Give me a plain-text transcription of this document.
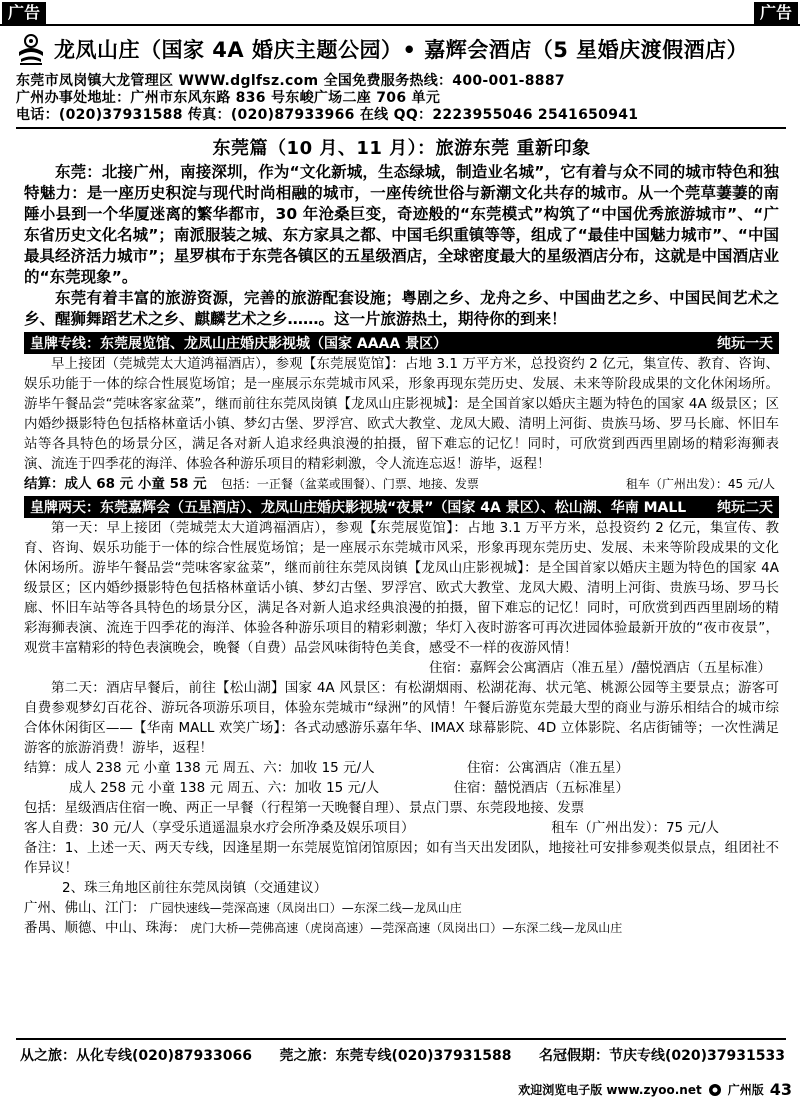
广告	广告
龙凤山庄（国家 4A 婚庆主题公园）• 嘉辉会酒店（5 星婚庆渡假酒店）
东莞市凤岗镇大龙管理区 WWW.dglfsz.com 全国免费服务热线：400-001-8887
广州办事处地址：广州市东风东路 836 号东峻广场二座 706 单元
电话：(020)37931588 传真：(020)87933966 在线 QQ：2223955046 2541650941
东莞篇（10 月、11 月）：旅游东莞 重新印象

东莞：北接广州，南接深圳，作为“文化新城，生态绿城，制造业名城”，它有着与众不同的城市特色和独特魅力：是一座历史积淀与现代时尚相融的城市，一座传统世俗与新潮文化共存的城市。从一个莞草萋萋的南陲小县到一个华厦迷离的繁华都市，30 年沧桑巨变，奇迹般的“东莞模式”构筑了“中国优秀旅游城市”、“广东省历史文化名城”；南派服装之城、东方家具之都、中国毛织重镇等等，组成了“最佳中国魅力城市”、“中国最具经济活力城市”；星罗棋布于东莞各镇区的五星级酒店，全球密度最大的星级酒店分布，这就是中国酒店业的“东莞现象”。

东莞有着丰富的旅游资源，完善的旅游配套设施；粤剧之乡、龙舟之乡、中国曲艺之乡、中国民间艺术之乡、醒狮舞蹈艺术之乡、麒麟艺术之乡……。这一片旅游热土，期待你的到来！

皇牌专线：东莞展览馆、龙凤山庄婚庆影视城（国家 AAAA 景区）	纯玩一天

早上接团（莞城莞太大道鸿福酒店），参观【东莞展览馆】：占地 3.1 万平方米，总投资约 2 亿元，集宣传、教育、咨询、娱乐功能于一体的综合性展览场馆；是一座展示东莞城市风采，形象再现东莞历史、发展、未来等阶段成果的文化休闲场所。游毕午餐品尝“莞味客家盆菜”，继而前往东莞凤岗镇【龙凤山庄影视城】：是全国首家以婚庆主题为特色的国家 4A 级景区；区内婚纱摄影特色包括格林童话小镇、梦幻古堡、罗浮宫、欧式大教堂、龙凤大殿、清明上河街、贵族马场、罗马长廊、怀旧车站等各具特色的场景分区，满足各对新人追求经典浪漫的拍摄，留下难忘的记忆！同时，可欣赏到西西里剧场的精彩海狮表演、流连于四季花的海洋、体验各种游乐项目的精彩刺激，令人流连忘返！游毕，返程！

结算：成人 68 元 小童 58 元 包括：一正餐（盆菜或围餐）、门票、地接、发票	租车（广州出发）：45 元/人
皇牌两天：东莞嘉辉会（五星酒店）、龙凤山庄婚庆影视城“夜景”（国家 4A 景区）、松山湖、华南 MALL 纯玩二天

第一天：早上接团（莞城莞太大道鸿福酒店），参观【东莞展览馆】：占地 3.1 万平方米，总投资约 2 亿元，集宣传、教育、咨询、娱乐功能于一体的综合性展览场馆；是一座展示东莞城市风采，形象再现东莞历史、发展、未来等阶段成果的文化休闲场所。游毕午餐品尝“莞味客家盆菜”，继而前往东莞凤岗镇【龙凤山庄影视城】：是全国首家以婚庆主题为特色的国家 4A 级景区；区内婚纱摄影特色包括格林童话小镇、梦幻古堡、罗浮宫、欧式大教堂、龙凤大殿、清明上河街、贵族马场、罗马长廊、怀旧车站等各具特色的场景分区，满足各对新人追求经典浪漫的拍摄，留下难忘的记忆！同时，可欣赏到西西里剧场的精彩海狮表演、流连于四季花的海洋、体验各种游乐项目的精彩刺激；华灯入夜时游客可再次进园体验最新开放的“夜市夜景”，观赏丰富精彩的特色表演晚会，晚餐（自费）品尝风味街特色美食，感受不一样的夜游风情！

住宿：嘉辉会公寓酒店（准五星）/囍悦酒店（五星标准）

第二天：酒店早餐后，前往【松山湖】国家 4A 风景区：有松湖烟雨、松湖花海、状元笔、桃源公园等主要景点；游客可自费参观梦幻百花谷、游玩各项游乐项目，体验东莞城市“绿洲”的风情！午餐后游览东莞最大型的商业与游乐相结合的城市综合体休闲街区——【华南 MALL 欢笑广场】：各式动感游乐嘉年华、IMAX 球幕影院、4D 立体影院、名店街铺等；一次性满足游客的旅游消费！游毕，返程！

结算：成人 238 元 小童 138 元 周五、六：加收 15 元/人	住宿：公寓酒店（准五星）
成人 258 元 小童 138 元 周五、六：加收 15 元/人	住宿：囍悦酒店（五标准星）
包括：星级酒店住宿一晚、两正一早餐（行程第一天晚餐自理）、景点门票、东莞段地接、发票
客人自费：30 元/人（享受乐逍遥温泉水疗会所净桑及娱乐项目）	租车（广州出发）：75 元/人

备注：1、上述一天、两天专线，因逢星期一东莞展览馆闭馆原因；如有当天出发团队，地接社可安排参观类似景点，组团社不作异议！

2、珠三角地区前往东莞凤岗镇（交通建议）
广州、佛山、江门： 广园快速线—莞深高速（凤岗出口）—东深二线—龙凤山庄
番禺、顺德、中山、珠海： 虎门大桥—莞佛高速（虎岗高速）—莞深高速（凤岗出口）—东深二线—龙凤山庄
从之旅：从化专线(020)87933066 莞之旅：东莞专线(020)37931588 名冠假期：节庆专线(020)37931533
欢迎浏览电子版 www.zyoo.net 广州版 43
